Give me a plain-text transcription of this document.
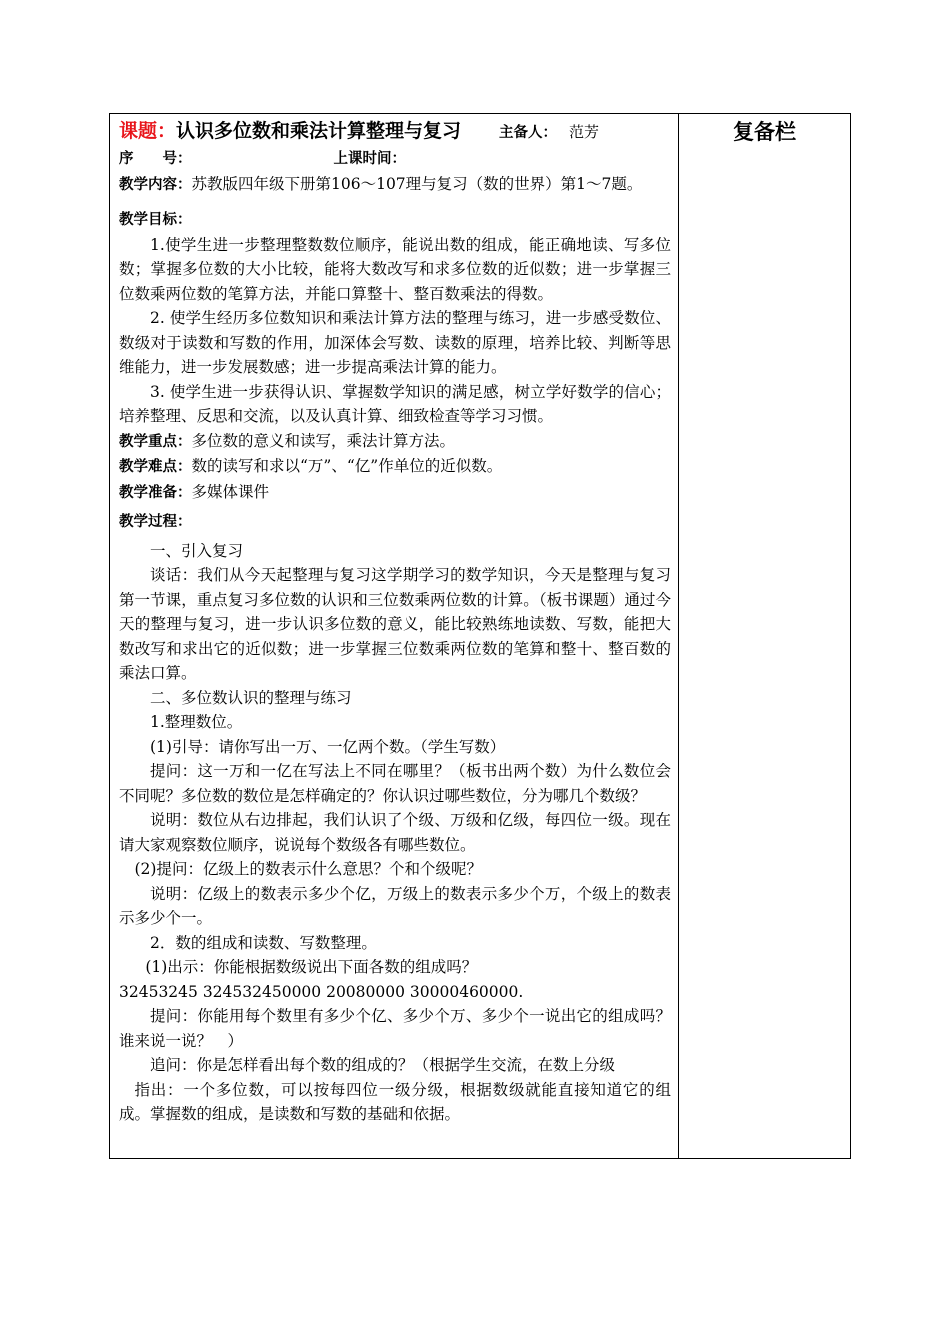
复备栏
课题：认识多位数和乘法计算整理与复习	主备人： 范芳
序　　号：	上课时间：

教学内容：苏教版四年级下册第106～107理与复习（数的世界）第1～7题。

教学目标：

1.使学生进一步整理整数数位顺序，能说出数的组成，能正确地读、写多位数；掌握多位数的大小比较，能将大数改写和求多位数的近似数；进一步掌握三位数乘两位数的笔算方法，并能口算整十、整百数乘法的得数。

2. 使学生经历多位数知识和乘法计算方法的整理与练习，进一步感受数位、数级对于读数和写数的作用，加深体会写数、读数的原理，培养比较、判断等思维能力，进一步发展数感；进一步提高乘法计算的能力。

3. 使学生进一步获得认识、掌握数学知识的满足感，树立学好数学的信心；培养整理、反思和交流，以及认真计算、细致检查等学习习惯。

教学重点：多位数的意义和读写，乘法计算方法。

教学难点：数的读写和求以“万”、“亿”作单位的近似数。

教学准备：多媒体课件

教学过程：

一、引入复习

谈话：我们从今天起整理与复习这学期学习的数学知识，今天是整理与复习第一节课，重点复习多位数的认识和三位数乘两位数的计算。（板书课题）通过今天的整理与复习，进一步认识多位数的意义，能比较熟练地读数、写数，能把大数改写和求出它的近似数；进一步掌握三位数乘两位数的笔算和整十、整百数的乘法口算。

二、多位数认识的整理与练习

1.整理数位。

(1)引导：请你写出一万、一亿两个数。（学生写数）

提问：这一万和一亿在写法上不同在哪里？（板书出两个数）为什么数位会不同呢？多位数的数位是怎样确定的？你认识过哪些数位，分为哪几个数级？

说明：数位从右边排起，我们认识了个级、万级和亿级，每四位一级。现在请大家观察数位顺序，说说每个数级各有哪些数位。

(2)提问：亿级上的数表示什么意思？个和个级呢？

说明：亿级上的数表示多少个亿，万级上的数表示多少个万，个级上的数表示多少个一。

2．数的组成和读数、写数整理。

(1)出示：你能根据数级说出下面各数的组成吗？

32453245 324532450000 20080000 30000460000.

提问：你能用每个数里有多少个亿、多少个万、多少个一说出它的组成吗？谁来说一说？　）

追问：你是怎样看出每个数的组成的？（根据学生交流，在数上分级

指出：一个多位数，可以按每四位一级分级，根据数级就能直接知道它的组成。掌握数的组成，是读数和写数的基础和依据。
